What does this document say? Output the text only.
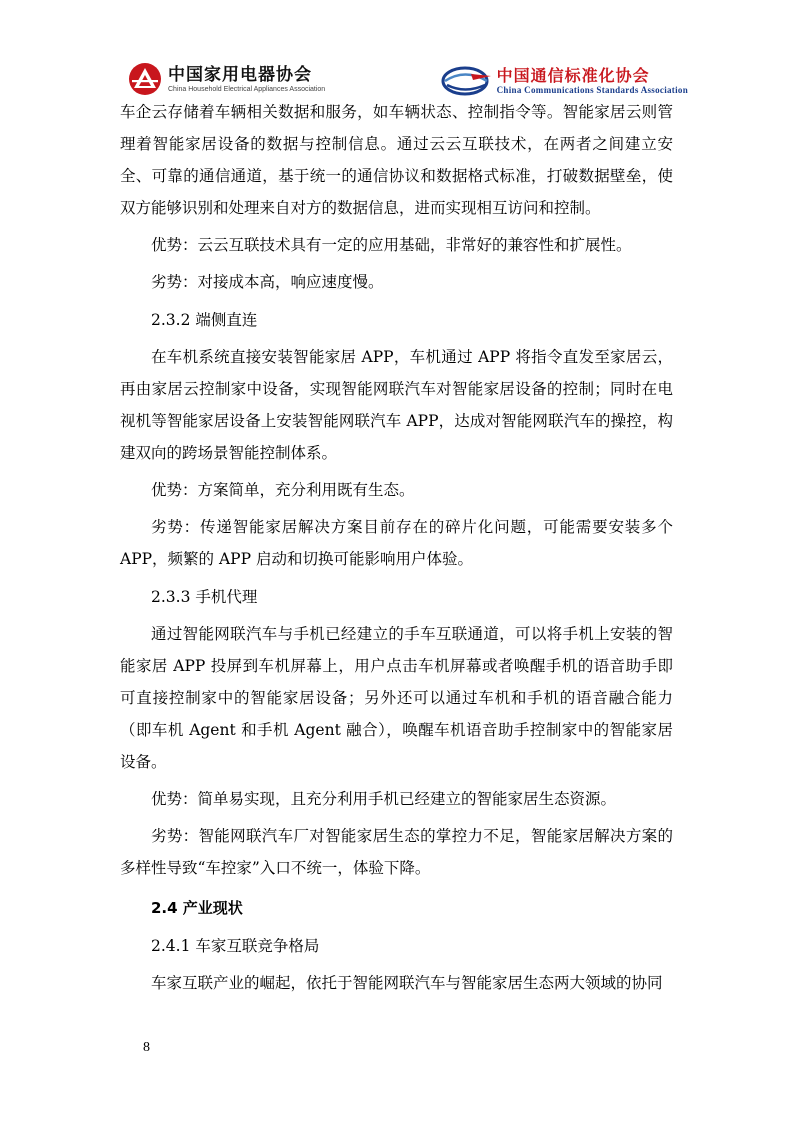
中国家用电器协会
China Household Electrical Appliances Association
中国通信标准化协会
China Communications Standards Association

车企云存储着车辆相关数据和服务，如车辆状态、控制指令等。智能家居云则管理着智能家居设备的数据与控制信息。通过云云互联技术，在两者之间建立安全、可靠的通信通道，基于统一的通信协议和数据格式标准，打破数据壁垒，使双方能够识别和处理来自对方的数据信息，进而实现相互访问和控制。

优势：云云互联技术具有一定的应用基础，非常好的兼容性和扩展性。

劣势：对接成本高，响应速度慢。

2.3.2 端侧直连

在车机系统直接安装智能家居 APP，车机通过 APP 将指令直发至家居云，再由家居云控制家中设备，实现智能网联汽车对智能家居设备的控制；同时在电视机等智能家居设备上安装智能网联汽车 APP，达成对智能网联汽车的操控，构建双向的跨场景智能控制体系。

优势：方案简单，充分利用既有生态。

劣势：传递智能家居解决方案目前存在的碎片化问题，可能需要安装多个 APP，频繁的 APP 启动和切换可能影响用户体验。

2.3.3 手机代理

通过智能网联汽车与手机已经建立的手车互联通道，可以将手机上安装的智能家居 APP 投屏到车机屏幕上，用户点击车机屏幕或者唤醒手机的语音助手即可直接控制家中的智能家居设备；另外还可以通过车机和手机的语音融合能力（即车机 Agent 和手机 Agent 融合），唤醒车机语音助手控制家中的智能家居设备。

优势：简单易实现，且充分利用手机已经建立的智能家居生态资源。

劣势：智能网联汽车厂对智能家居生态的掌控力不足，智能家居解决方案的多样性导致“车控家”入口不统一，体验下降。

2.4 产业现状

2.4.1 车家互联竞争格局

车家互联产业的崛起，依托于智能网联汽车与智能家居生态两大领域的协同

8
